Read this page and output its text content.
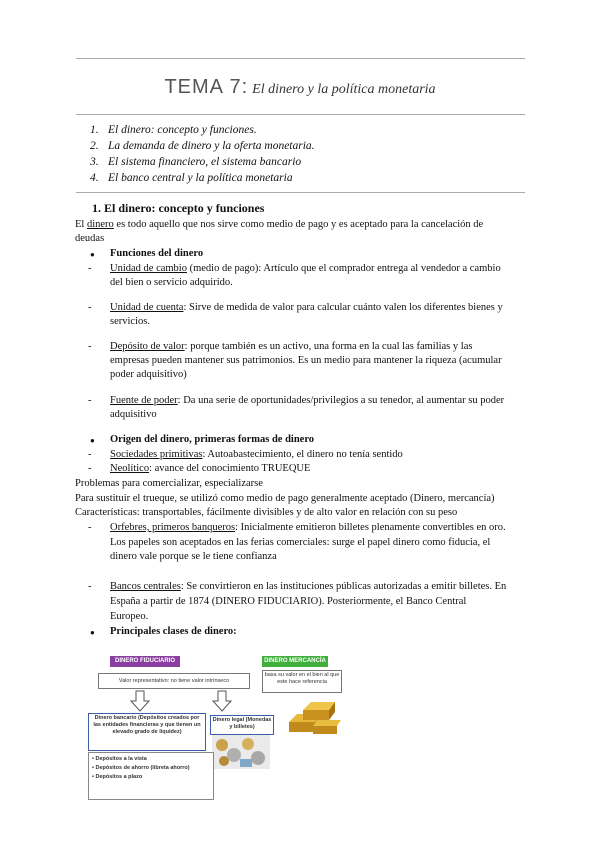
TEMA 7: El dinero y la política monetaria
1. El dinero: concepto y funciones.
2. La demanda de dinero y la oferta monetaria.
3. El sistema financiero, el sistema bancario
4. El banco central y la política monetaria
1. El dinero: concepto y funciones
El dinero es todo aquello que nos sirve como medio de pago y es aceptado para la cancelación de
deudas
● Funciones del dinero
- Unidad de cambio (medio de pago): Artículo que el comprador entrega al vendedor a cambio
del bien o servicio adquirido.
- Unidad de cuenta: Sirve de medida de valor para calcular cuánto valen los diferentes bienes y
servicios.
- Depósito de valor: porque también es un activo, una forma en la cual las familias y las
empresas pueden mantener sus patrimonios. Es un medio para mantener la riqueza (acumular
poder adquisitivo)
- Fuente de poder: Da una serie de oportunidades/privilegios a su tenedor, al aumentar su poder
adquisitivo
● Origen del dinero, primeras formas de dinero
- Sociedades primitivas: Autoabastecimiento, el dinero no tenía sentido
- Neolítico: avance del conocimiento TRUEQUE
Problemas para comercializar, especializarse
Para sustituir el trueque, se utilizó como medio de pago generalmente aceptado (Dinero, mercancía)
Características: transportables, fácilmente divisibles y de alto valor en relación con su peso
- Orfebres, primeros banqueros: Inicialmente emitieron billetes plenamente convertibles en oro.
Los papeles son aceptados en las ferias comerciales: surge el papel dinero como fiducia, el
dinero vale porque se le tiene confianza
- Bancos centrales: Se convirtieron en las instituciones públicas autorizadas a emitir billetes. En
España a partir de 1874 (DINERO FIDUCIARIO). Posteriormente, el Banco Central
Europeo.
● Principales clases de dinero:
DINERO FIDUCIARIO	DINERO MERCANCÍA
Valor representativo: no tiene valor intrínseco
basa su valor en el bien al que este hace referencia
Dinero bancario (Depósitos creados por las entidades financieras y que tienen un elevado grado de liquidez)
Dinero legal (Monedas y billetes)
• Depósitos a la vista
• Depósitos de ahorro (libreta ahorro)
• Depósitos a plazo
